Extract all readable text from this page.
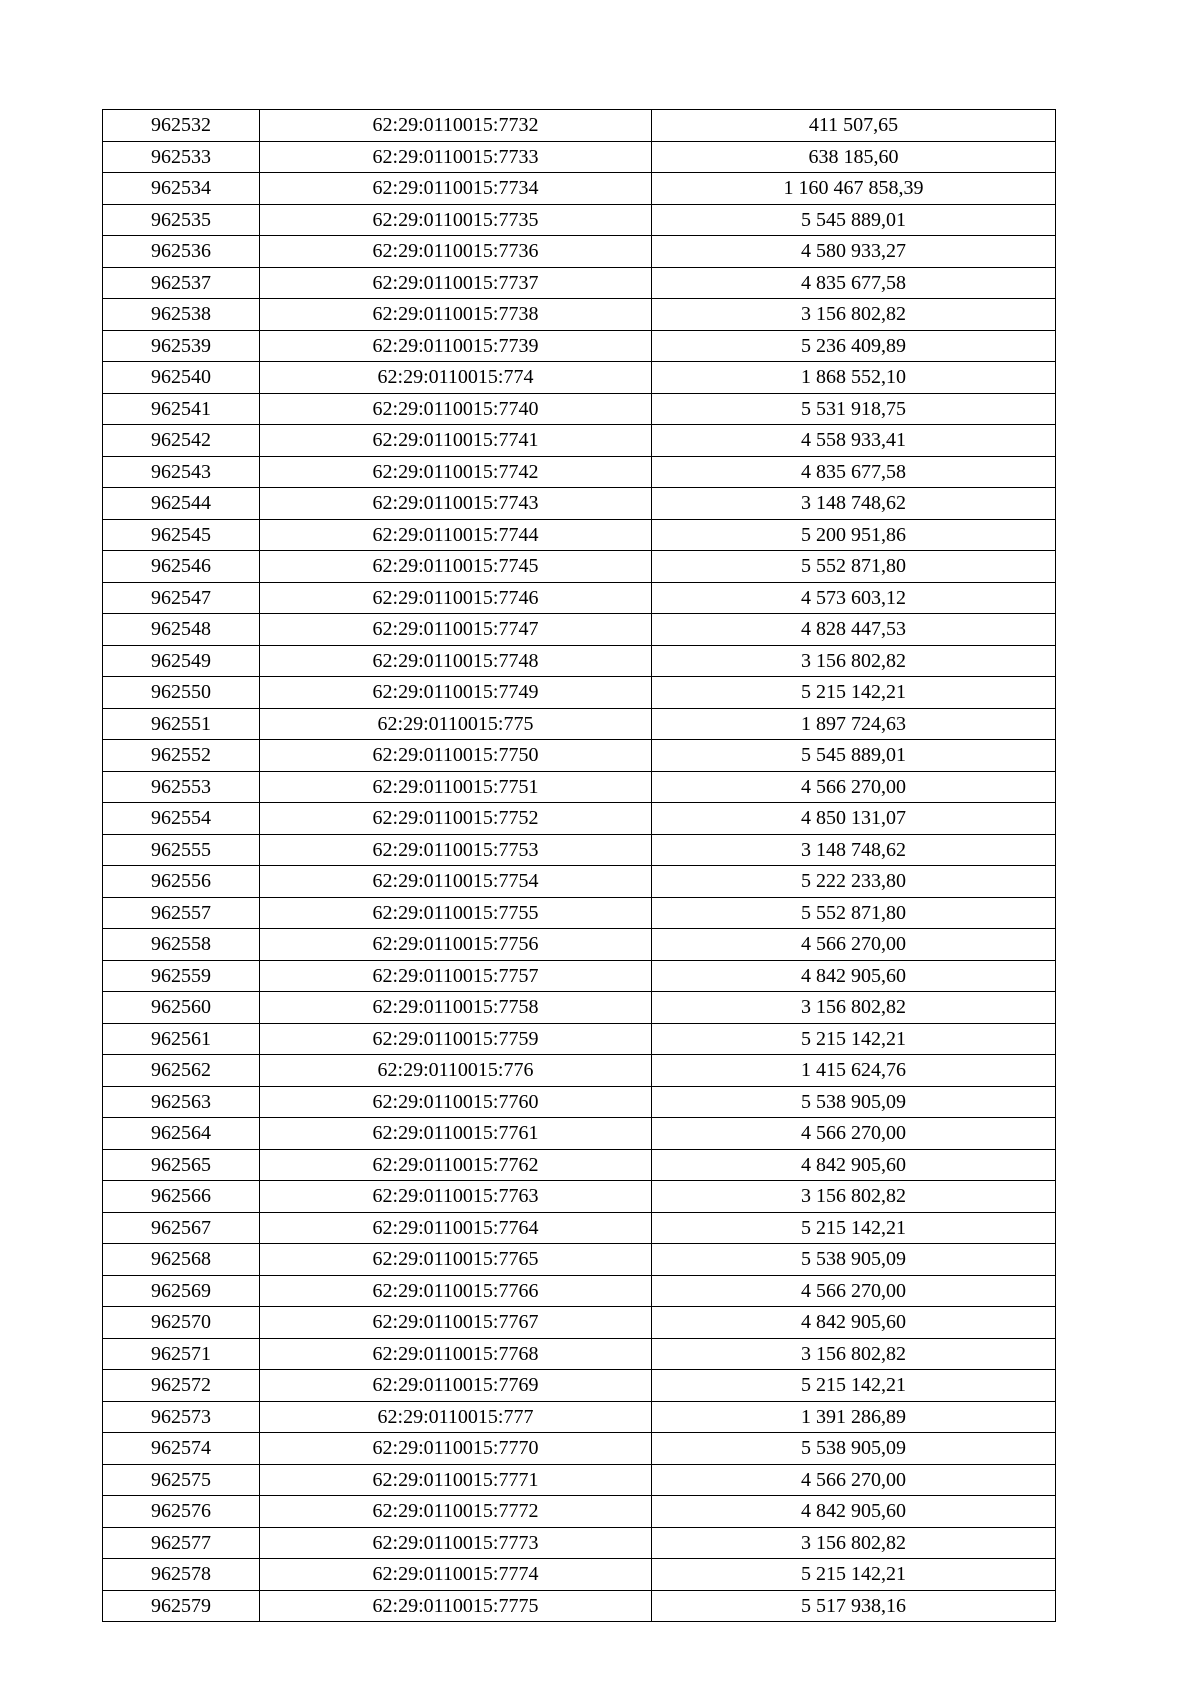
962532	62:29:0110015:7732	411 507,65
962533	62:29:0110015:7733	638 185,60
962534	62:29:0110015:7734	1 160 467 858,39
962535	62:29:0110015:7735	5 545 889,01
962536	62:29:0110015:7736	4 580 933,27
962537	62:29:0110015:7737	4 835 677,58
962538	62:29:0110015:7738	3 156 802,82
962539	62:29:0110015:7739	5 236 409,89
962540	62:29:0110015:774	1 868 552,10
962541	62:29:0110015:7740	5 531 918,75
962542	62:29:0110015:7741	4 558 933,41
962543	62:29:0110015:7742	4 835 677,58
962544	62:29:0110015:7743	3 148 748,62
962545	62:29:0110015:7744	5 200 951,86
962546	62:29:0110015:7745	5 552 871,80
962547	62:29:0110015:7746	4 573 603,12
962548	62:29:0110015:7747	4 828 447,53
962549	62:29:0110015:7748	3 156 802,82
962550	62:29:0110015:7749	5 215 142,21
962551	62:29:0110015:775	1 897 724,63
962552	62:29:0110015:7750	5 545 889,01
962553	62:29:0110015:7751	4 566 270,00
962554	62:29:0110015:7752	4 850 131,07
962555	62:29:0110015:7753	3 148 748,62
962556	62:29:0110015:7754	5 222 233,80
962557	62:29:0110015:7755	5 552 871,80
962558	62:29:0110015:7756	4 566 270,00
962559	62:29:0110015:7757	4 842 905,60
962560	62:29:0110015:7758	3 156 802,82
962561	62:29:0110015:7759	5 215 142,21
962562	62:29:0110015:776	1 415 624,76
962563	62:29:0110015:7760	5 538 905,09
962564	62:29:0110015:7761	4 566 270,00
962565	62:29:0110015:7762	4 842 905,60
962566	62:29:0110015:7763	3 156 802,82
962567	62:29:0110015:7764	5 215 142,21
962568	62:29:0110015:7765	5 538 905,09
962569	62:29:0110015:7766	4 566 270,00
962570	62:29:0110015:7767	4 842 905,60
962571	62:29:0110015:7768	3 156 802,82
962572	62:29:0110015:7769	5 215 142,21
962573	62:29:0110015:777	1 391 286,89
962574	62:29:0110015:7770	5 538 905,09
962575	62:29:0110015:7771	4 566 270,00
962576	62:29:0110015:7772	4 842 905,60
962577	62:29:0110015:7773	3 156 802,82
962578	62:29:0110015:7774	5 215 142,21
962579	62:29:0110015:7775	5 517 938,16
